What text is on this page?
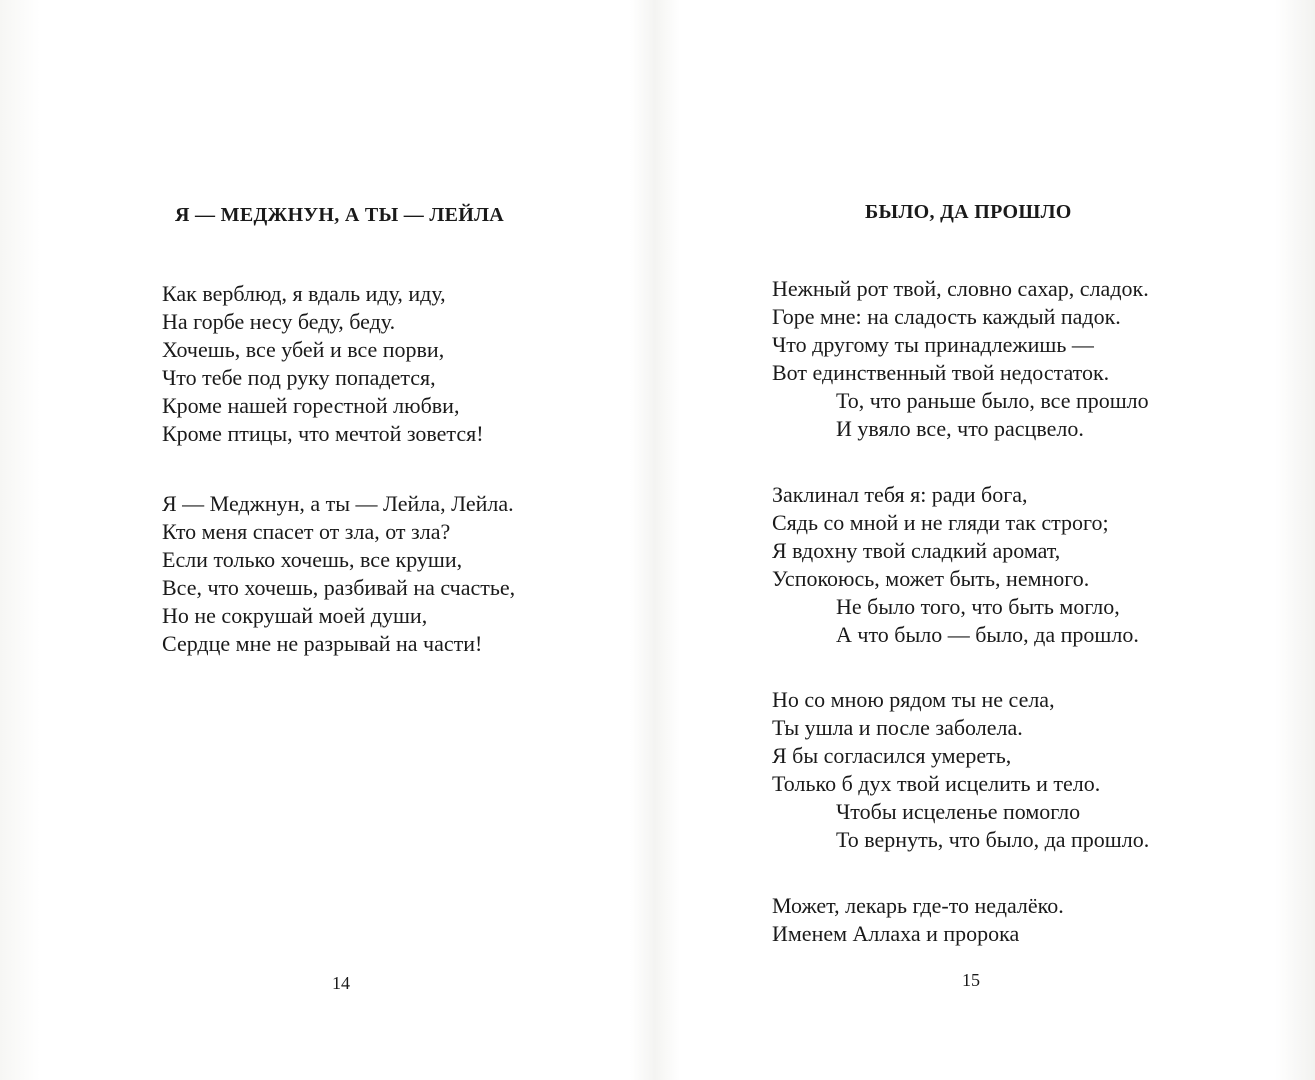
Я — МЕДЖНУН, А ТЫ — ЛЕЙЛА
Как верблюд, я вдаль иду, иду,
На горбе несу беду, беду.
Хочешь, все убей и все порви,
Что тебе под руку попадется,
Кроме нашей горестной любви,
Кроме птицы, что мечтой зовется!
Я — Меджнун, а ты — Лейла, Лейла.
Кто меня спасет от зла, от зла?
Если только хочешь, все круши,
Все, что хочешь, разбивай на счастье,
Но не сокрушай моей души,
Сердце мне не разрывай на части!

14

БЫЛО, ДА ПРОШЛО
Нежный рот твой, словно сахар, сладок.
Горе мне: на сладость каждый падок.
Что другому ты принадлежишь —
Вот единственный твой недостаток.
То, что раньше было, все прошло
И увяло все, что расцвело.
Заклинал тебя я: ради бога,
Сядь со мной и не гляди так строго;
Я вдохну твой сладкий аромат,
Успокоюсь, может быть, немного.
Не было того, что быть могло,
А что было — было, да прошло.
Но со мною рядом ты не села,
Ты ушла и после заболела.
Я бы согласился умереть,
Только б дух твой исцелить и тело.
Чтобы исцеленье помогло
То вернуть, что было, да прошло.
Может, лекарь где-то недалёко.
Именем Аллаха и пророка

15
